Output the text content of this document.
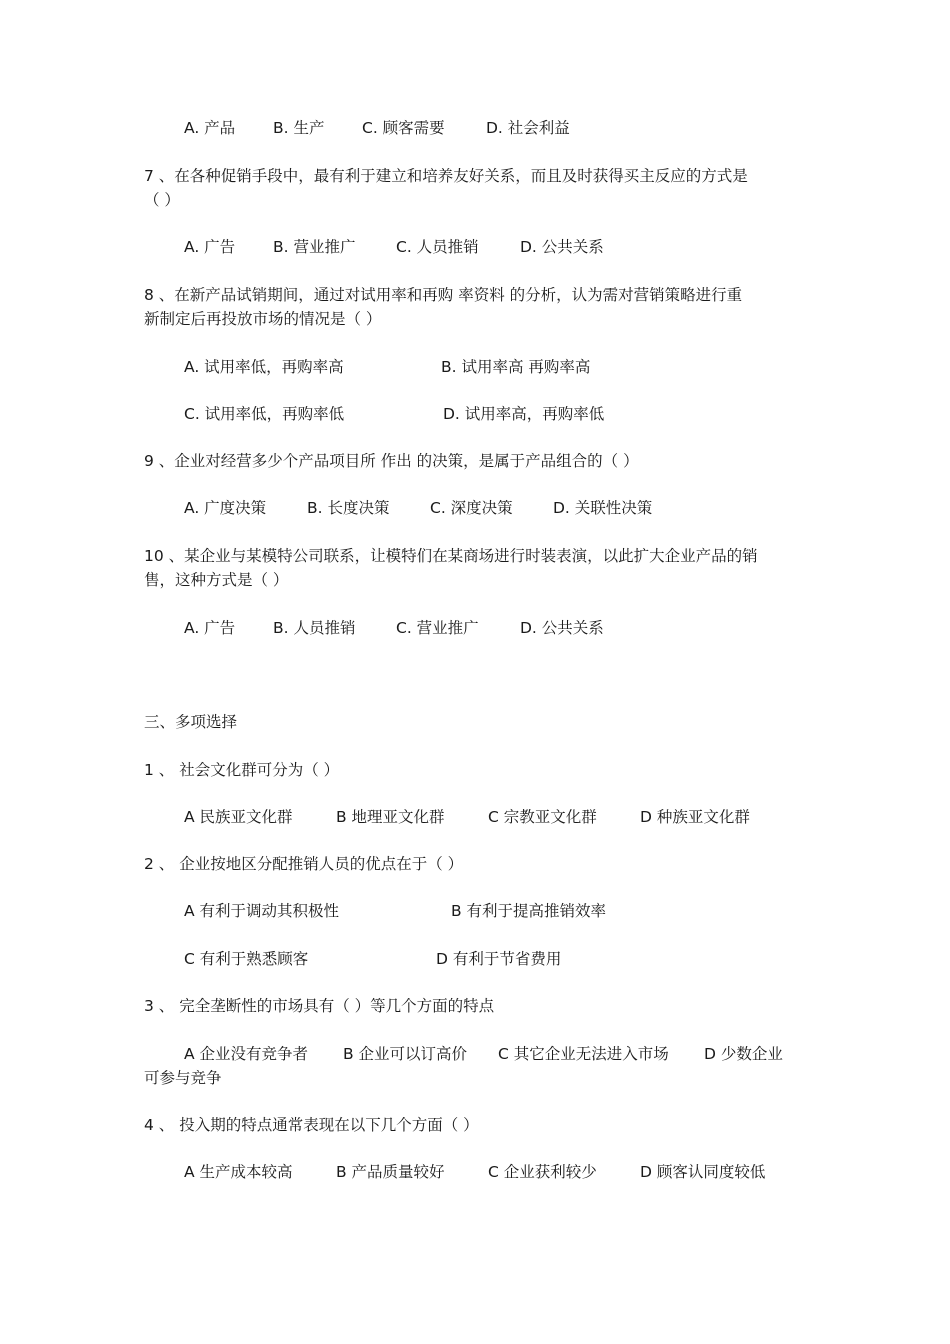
A. 产品 B. 生产 C. 顾客需要	D. 社会利益
7 、在各种促销手段中，最有利于建立和培养友好关系，而且及时获得买主反应的方式是
（ ）
A. 广告 B. 营业推广	C. 人员推销	D. 公共关系
8 、在新产品试销期间，通过对试用率和再购 率资料 的分析，认为需对营销策略进行重
新制定后再投放市场的情况是（ ）
A. 试用率低，再购率高	B. 试用率高 再购率高
C. 试用率低，再购率低	D. 试用率高，再购率低
9 、企业对经营多少个产品项目所 作出 的决策，是属于产品组合的（ ）
A. 广度决策	B. 长度决策	C. 深度决策	D. 关联性决策
10 、某企业与某模特公司联系，让模特们在某商场进行时装表演，以此扩大企业产品的销
售，这种方式是（ ）
A. 广告 B. 人员推销	C. 营业推广	D. 公共关系
三、多项选择
1 、 社会文化群可分为（ ）
A 民族亚文化群	B 地理亚文化群	C 宗教亚文化群	D 种族亚文化群
2 、 企业按地区分配推销人员的优点在于（ ）
A 有利于调动其积极性	B 有利于提高推销效率
C 有利于熟悉顾客	D 有利于节省费用
3 、 完全垄断性的市场具有（ ）等几个方面的特点
A 企业没有竞争者 B 企业可以订高价 C 其它企业无法进入市场 D 少数企业
可参与竞争
4 、 投入期的特点通常表现在以下几个方面（ ）
A 生产成本较高	B 产品质量较好	C 企业获利较少	D 顾客认同度较低
